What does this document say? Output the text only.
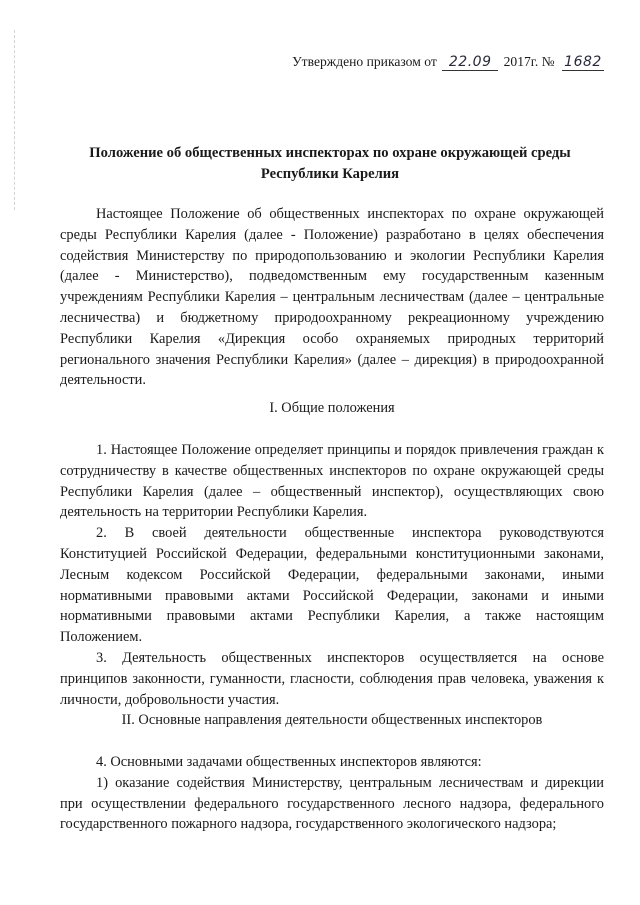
Утверждено приказом от 22.09 2017г. № 1682
Положение об общественных инспекторах по охране окружающей среды
Республики Карелия

Настоящее Положение об общественных инспекторах по охране окружающей среды Республики Карелия (далее - Положение) разработано в целях обеспечения содействия Министерству по природопользованию и экологии Республики Карелия (далее - Министерство), подведомственным ему государственным казенным учреждениям Республики Карелия – центральным лесничествам (далее – центральные лесничества) и бюджетному природоохранному рекреационному учреждению Республики Карелия «Дирекция особо охраняемых природных территорий регионального значения Республики Карелия» (далее – дирекция) в природоохранной деятельности.

I. Общие положения

1. Настоящее Положение определяет принципы и порядок привлечения граждан к сотрудничеству в качестве общественных инспекторов по охране окружающей среды Республики Карелия (далее – общественный инспектор), осуществляющих свою деятельность на территории Республики Карелия.

2. В своей деятельности общественные инспектора руководствуются Конституцией Российской Федерации, федеральными конституционными законами, Лесным кодексом Российской Федерации, федеральными законами, иными нормативными правовыми актами Российской Федерации, законами и иными нормативными правовыми актами Республики Карелия, а также настоящим Положением.

3. Деятельность общественных инспекторов осуществляется на основе принципов законности, гуманности, гласности, соблюдения прав человека, уважения к личности, добровольности участия.

II. Основные направления деятельности общественных инспекторов

4. Основными задачами общественных инспекторов являются:

1) оказание содействия Министерству, центральным лесничествам и дирекции при осуществлении федерального государственного лесного надзора, федерального государственного пожарного надзора, государственного экологического надзора;
